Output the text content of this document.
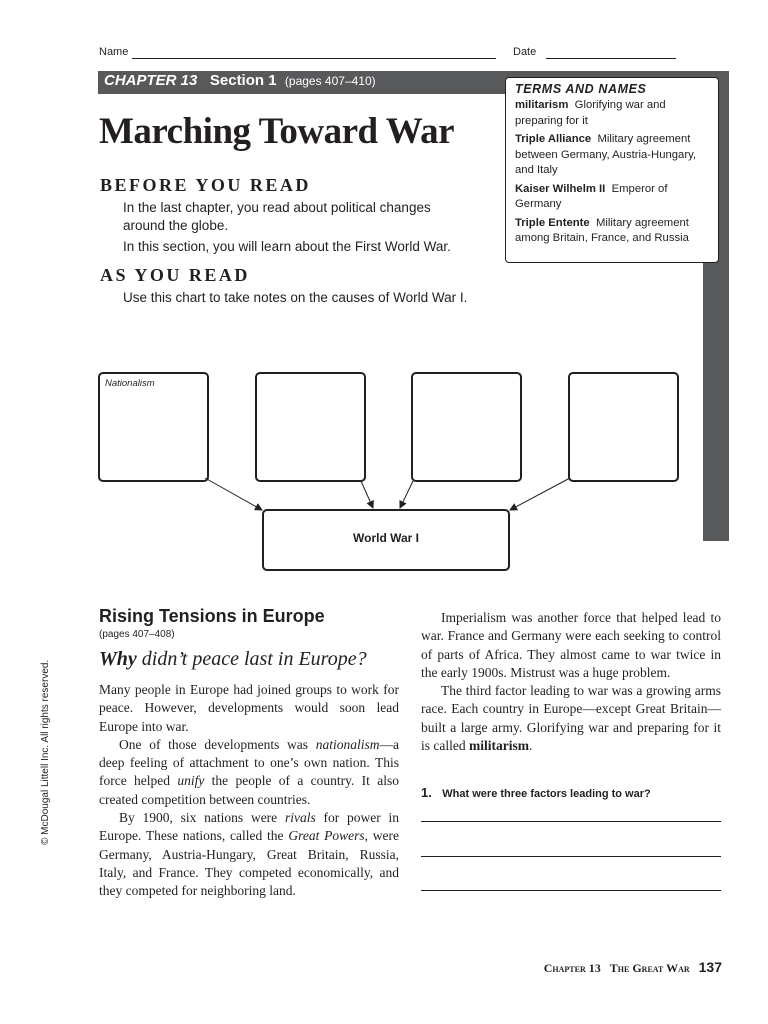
Name	Date
CHAPTER 13 Section 1 (pages 407–410)
TERMS AND NAMES
militarism Glorifying war and preparing for it
Triple Alliance Military agreement between Germany, Austria-Hungary, and Italy
Kaiser Wilhelm II Emperor of Germany
Triple Entente Military agreement among Britain, France, and Russia
Marching Toward War
BEFORE YOU READ
In the last chapter, you read about political changes around the globe.
In this section, you will learn about the First World War.
AS YOU READ
Use this chart to take notes on the causes of World War I.
Nationalism
World War I
Rising Tensions in Europe
(pages 407–408)
Why didn’t peace last in Europe?

Many people in Europe had joined groups to work for peace. However, developments would soon lead Europe into war.

One of those developments was nationalism—a deep feeling of attachment to one’s own nation. This force helped unify the people of a country. It also created competition between countries.

By 1900, six nations were rivals for power in Europe. These nations, called the Great Powers, were Germany, Austria-Hungary, Great Britain, Russia, Italy, and France. They competed economically, and they competed for neighboring land.

Imperialism was another force that helped lead to war. France and Germany were each seeking to control of parts of Africa. They almost came to war twice in the early 1900s. Mistrust was a huge problem.

The third factor leading to war was a growing arms race. Each country in Europe—except Great Britain—built a large army. Glorifying war and preparing for it is called militarism.

1. What were three factors leading to war?
Chapter 13 The Great War 137
© McDougal Littell Inc. All rights reserved.
